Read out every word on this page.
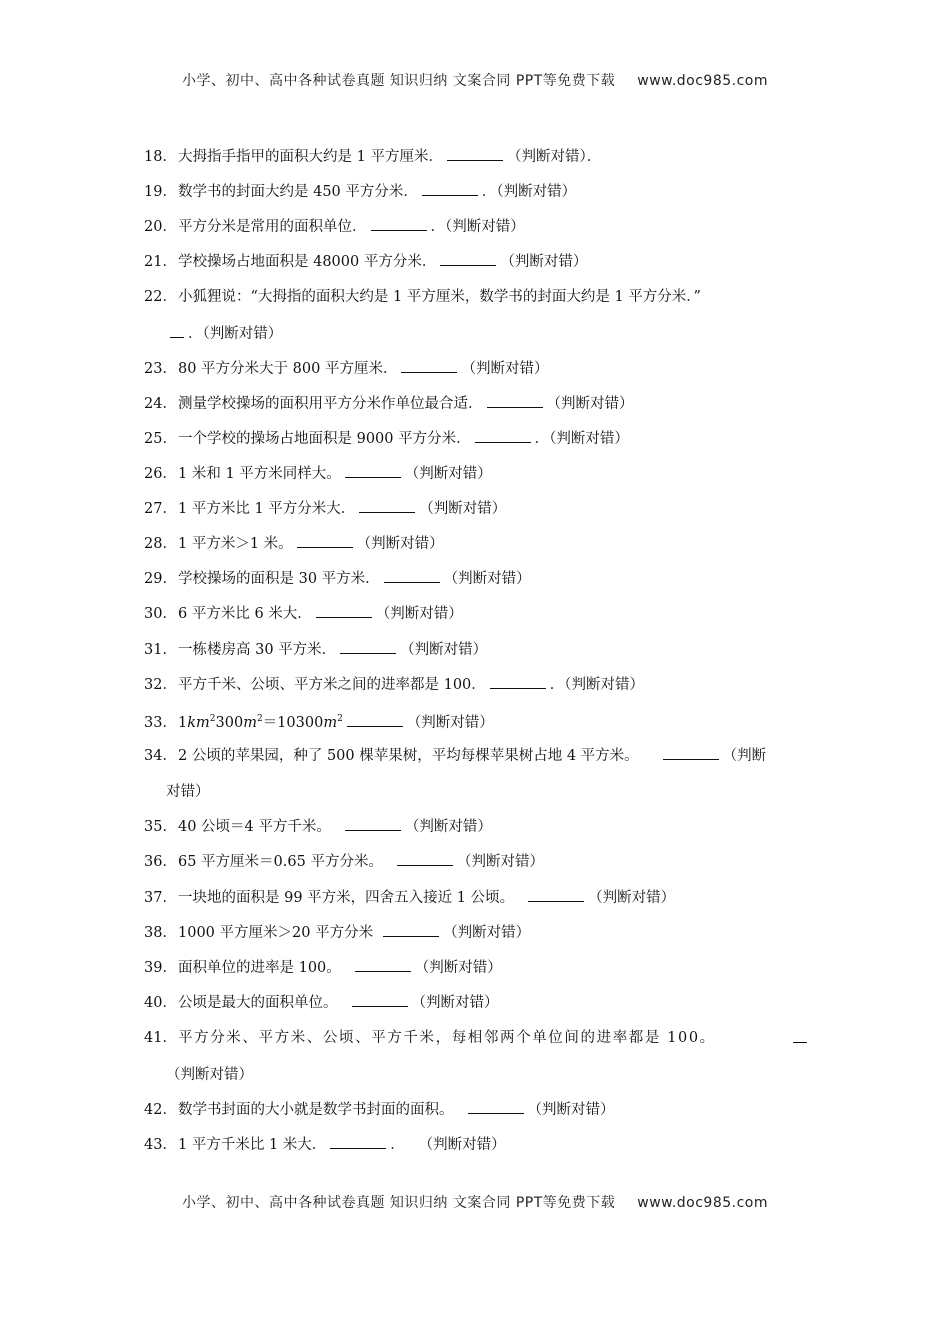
小学、初中、高中各种试卷真题 知识归纳 文案合同 PPT等免费下载 www.doc985.com
18．大拇指手指甲的面积大约是 1 平方厘米．	（判断对错）．
19．数学书的封面大约是 450 平方分米．	．（判断对错）
20．平方分米是常用的面积单位．	．（判断对错）
21．学校操场占地面积是 48000 平方分米．	（判断对错）
22．小狐狸说：“大拇指的面积大约是 1 平方厘米，数学书的封面大约是 1 平方分米．”
．（判断对错）
23．80 平方分米大于 800 平方厘米．	（判断对错）
24．测量学校操场的面积用平方分米作单位最合适．	（判断对错）
25．一个学校的操场占地面积是 9000 平方分米．	．（判断对错）
26．1 米和 1 平方米同样大。	（判断对错）
27．1 平方米比 1 平方分米大．	（判断对错）
28．1 平方米＞1 米。	（判断对错）
29．学校操场的面积是 30 平方米．	（判断对错）
30．6 平方米比 6 米大．	（判断对错）
31．一栋楼房高 30 平方米．	（判断对错）
32．平方千米、公顷、平方米之间的进率都是 100．	．（判断对错）
33．$1km^2300m^2=10300m^2$	（判断对错）
34．2 公顷的苹果园，种了 500 棵苹果树，平均每棵苹果树占地 4 平方米。	（判断
对错）
35．40 公顷＝4 平方千米。	（判断对错）
36．65 平方厘米＝0.65 平方分米。	（判断对错）
37．一块地的面积是 99 平方米，四舍五入接近 1 公顷。	（判断对错）
38．1000 平方厘米＞20 平方分米	（判断对错）
39．面积单位的进率是 100。	（判断对错）
40．公顷是最大的面积单位。	（判断对错）
41．平方分米、平方米、公顷、平方千米，每相邻两个单位间的进率都是 100。
（判断对错）
42．数学书封面的大小就是数学书封面的面积。	（判断对错）
43．1 平方千米比 1 米大．	．   （判断对错）
小学、初中、高中各种试卷真题 知识归纳 文案合同 PPT等免费下载 www.doc985.com
